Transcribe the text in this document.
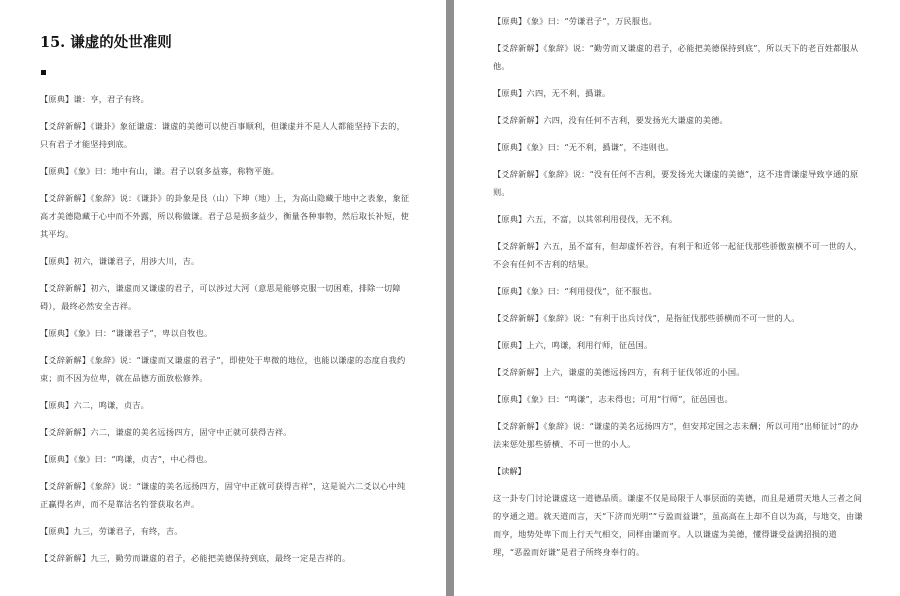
15. 谦虚的处世准则
【原典】谦：亨，君子有终。
【爻辞新解】《谦卦》象征谦虚：谦虚的美德可以使百事顺利，但谦虚并不是人人都能坚持下去的，只有君子才能坚持到底。
【原典】《象》曰：地中有山，谦。君子以裒多益寡，称物平施。
【爻辞新解】《象辞》说：《谦卦》的卦象是艮（山）下坤（地）上，为高山隐藏于地中之表象，象征高才美德隐藏于心中而不外露，所以称做谦。君子总是损多益少，衡量各种事物，然后取长补短，使其平均。
【原典】初六，谦谦君子，用涉大川，吉。
【爻辞新解】初六，谦虚而又谦虚的君子，可以涉过大河（意思是能够克服一切困难，排除一切障碍），最终必然安全吉祥。
【原典】《象》曰：“谦谦君子”，卑以自牧也。
【爻辞新解】《象辞》说：“谦虚而又谦虚的君子”，即使处于卑微的地位，也能以谦虚的态度自我约束；而不因为位卑，就在品德方面放松修养。
【原典】六二，鸣谦，贞吉。
【爻辞新解】六二，谦虚的美名远扬四方，固守中正就可获得吉祥。
【原典】《象》曰：“鸣谦，贞吉”，中心得也。
【爻辞新解】《象辞》说：“谦虚的美名远扬四方，固守中正就可获得吉祥”，这是说六二爻以心中纯正赢得名声，而不是靠沽名钓誉获取名声。
【原典】九三，劳谦君子，有终，吉。
【爻辞新解】九三，勤劳而谦虚的君子，必能把美德保持到底，最终一定是吉祥的。
【原典】《象》曰：“劳谦君子”，万民服也。
【爻辞新解】《象辞》说：“勤劳而又谦虚的君子，必能把美德保持到底”，所以天下的老百姓都服从他。
【原典】六四，无不利，撝谦。
【爻辞新解】六四，没有任何不吉利，要发扬光大谦虚的美德。
【原典】《象》曰：“无不利，撝谦”，不违则也。
【爻辞新解】《象辞》说：“没有任何不吉利，要发扬光大谦虚的美德”，这不违背谦虚导致亨通的原则。
【原典】六五，不富，以其邻利用侵伐，无不利。
【爻辞新解】六五，虽不富有，但却虚怀若谷，有利于和近邻一起征伐那些骄傲蛮横不可一世的人，不会有任何不吉利的结果。
【原典】《象》曰：“利用侵伐”，征不服也。
【爻辞新解】《象辞》说：“有利于出兵讨伐”，是指征伐那些骄横而不可一世的人。
【原典】上六，鸣谦，利用行师，征邑国。
【爻辞新解】上六，谦虚的美德远扬四方，有利于征伐邻近的小国。
【原典】《象》曰：“鸣谦”，志未得也；可用“行师”，征邑国也。
【爻辞新解】《象辞》说：“谦虚的美名远扬四方”，但安邦定国之志未酬；所以可用“出师征讨”的办法来惩处那些骄横、不可一世的小人。
【读解】
这一卦专门讨论谦虚这一道德品质。谦虚不仅是局限于人事层面的美德，而且是通贯天地人三者之间的亨通之道。就天道而言，天“下济而光明”“亏盈而益谦”，虽高高在上却不自以为高，与地交，由谦而亨，地势处卑下而上行天气相交，同样由谦而亨。人以谦虚为美德，懂得谦受益满招损的道理，“恶盈而好谦”是君子所终身奉行的。
